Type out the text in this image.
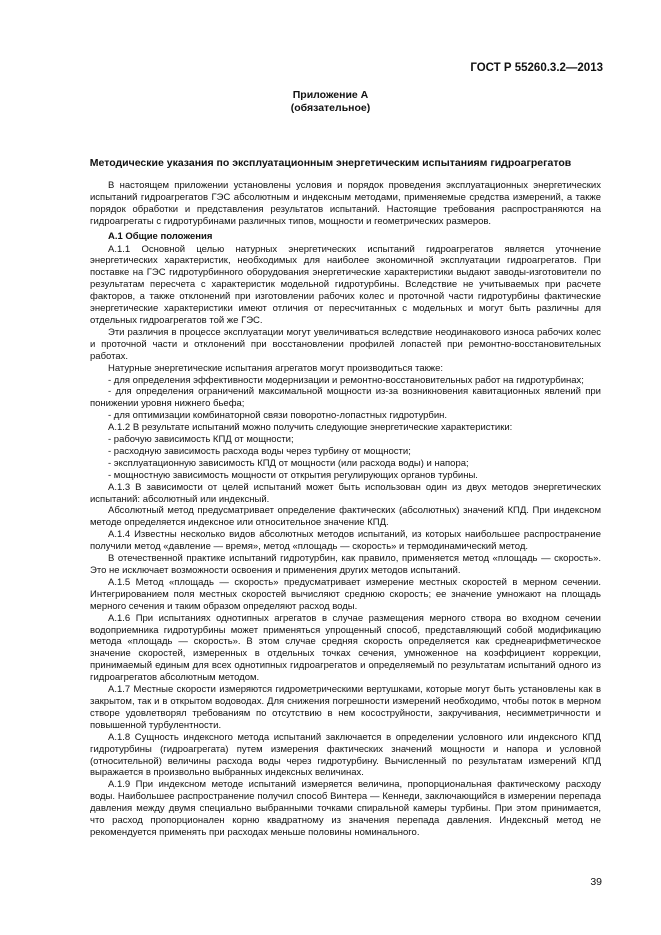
ГОСТ Р 55260.3.2—2013
Приложение А
(обязательное)
Методические указания по эксплуатационным энергетическим испытаниям гидроагрегатов

В настоящем приложении установлены условия и порядок проведения эксплуатационных энергетических испытаний гидроагрегатов ГЭС абсолютным и индексным методами, применяемые средства измерений, а также порядок обработки и представления результатов испытаний. Настоящие требования распространяются на гидроагрегаты с гидротурбинами различных типов, мощности и геометрических размеров.

А.1 Общие положения

А.1.1 Основной целью натурных энергетических испытаний гидроагрегатов является уточнение энергетических характеристик, необходимых для наиболее экономичной эксплуатации гидроагрегатов. При поставке на ГЭС гидротурбинного оборудования энергетические характеристики выдают заводы-изготовители по результатам пересчета с характеристик модельной гидротурбины. Вследствие не учитываемых при расчете факторов, а также отклонений при изготовлении рабочих колес и проточной части гидротурбины фактические энергетические характеристики имеют отличия от пересчитанных с модельных и могут быть различны для отдельных гидроагрегатов той же ГЭС.

Эти различия в процессе эксплуатации могут увеличиваться вследствие неодинакового износа рабочих колес и проточной части и отклонений при восстановлении профилей лопастей при ремонтно-восстановительных работах.

Натурные энергетические испытания агрегатов могут производиться также:

- для определения эффективности модернизации и ремонтно-восстановительных работ на гидротурбинах;

- для определения ограничений максимальной мощности из-за возникновения кавитационных явлений при понижении уровня нижнего бьефа;

- для оптимизации комбинаторной связи поворотно-лопастных гидротурбин.

А.1.2 В результате испытаний можно получить следующие энергетические характеристики:

- рабочую зависимость КПД от мощности;

- расходную зависимость расхода воды через турбину от мощности;

- эксплуатационную зависимость КПД от мощности (или расхода воды) и напора;

- мощностную зависимость мощности от открытия регулирующих органов турбины.

А.1.3 В зависимости от целей испытаний может быть использован один из двух методов энергетических испытаний: абсолютный или индексный.

Абсолютный метод предусматривает определение фактических (абсолютных) значений КПД. При индексном методе определяется индексное или относительное значение КПД.

А.1.4 Известны несколько видов абсолютных методов испытаний, из которых наибольшее распространение получили метод «давление — время», метод «площадь — скорость» и термодинамический метод.

В отечественной практике испытаний гидротурбин, как правило, применяется метод «площадь — скорость». Это не исключает возможности освоения и применения других методов испытаний.

А.1.5 Метод «площадь — скорость» предусматривает измерение местных скоростей в мерном сечении. Интегрированием поля местных скоростей вычисляют среднюю скорость; ее значение умножают на площадь мерного сечения и таким образом определяют расход воды.

А.1.6 При испытаниях однотипных агрегатов в случае размещения мерного створа во входном сечении водоприемника гидротурбины может применяться упрощенный способ, представляющий собой модификацию метода «площадь — скорость». В этом случае средняя скорость определяется как среднеарифметическое значение скоростей, измеренных в отдельных точках сечения, умноженное на коэффициент коррекции, принимаемый единым для всех однотипных гидроагрегатов и определяемый по результатам испытаний одного из гидроагрегатов абсолютным методом.

А.1.7 Местные скорости измеряются гидрометрическими вертушками, которые могут быть установлены как в закрытом, так и в открытом водоводах. Для снижения погрешности измерений необходимо, чтобы поток в мерном створе удовлетворял требованиям по отсутствию в нем косоструйности, закручивания, несимметричности и повышенной турбулентности.

А.1.8 Сущность индексного метода испытаний заключается в определении условного или индексного КПД гидротурбины (гидроагрегата) путем измерения фактических значений мощности и напора и условной (относительной) величины расхода воды через гидротурбину. Вычисленный по результатам измерений КПД выражается в произвольно выбранных индексных величинах.

А.1.9 При индексном методе испытаний измеряется величина, пропорциональная фактическому расходу воды. Наибольшее распространение получил способ Винтера — Кеннеди, заключающийся в измерении перепада давления между двумя специально выбранными точками спиральной камеры турбины. При этом принимается, что расход пропорционален корню квадратному из значения перепада давления. Индексный метод не рекомендуется применять при расходах меньше половины номинального.

39
